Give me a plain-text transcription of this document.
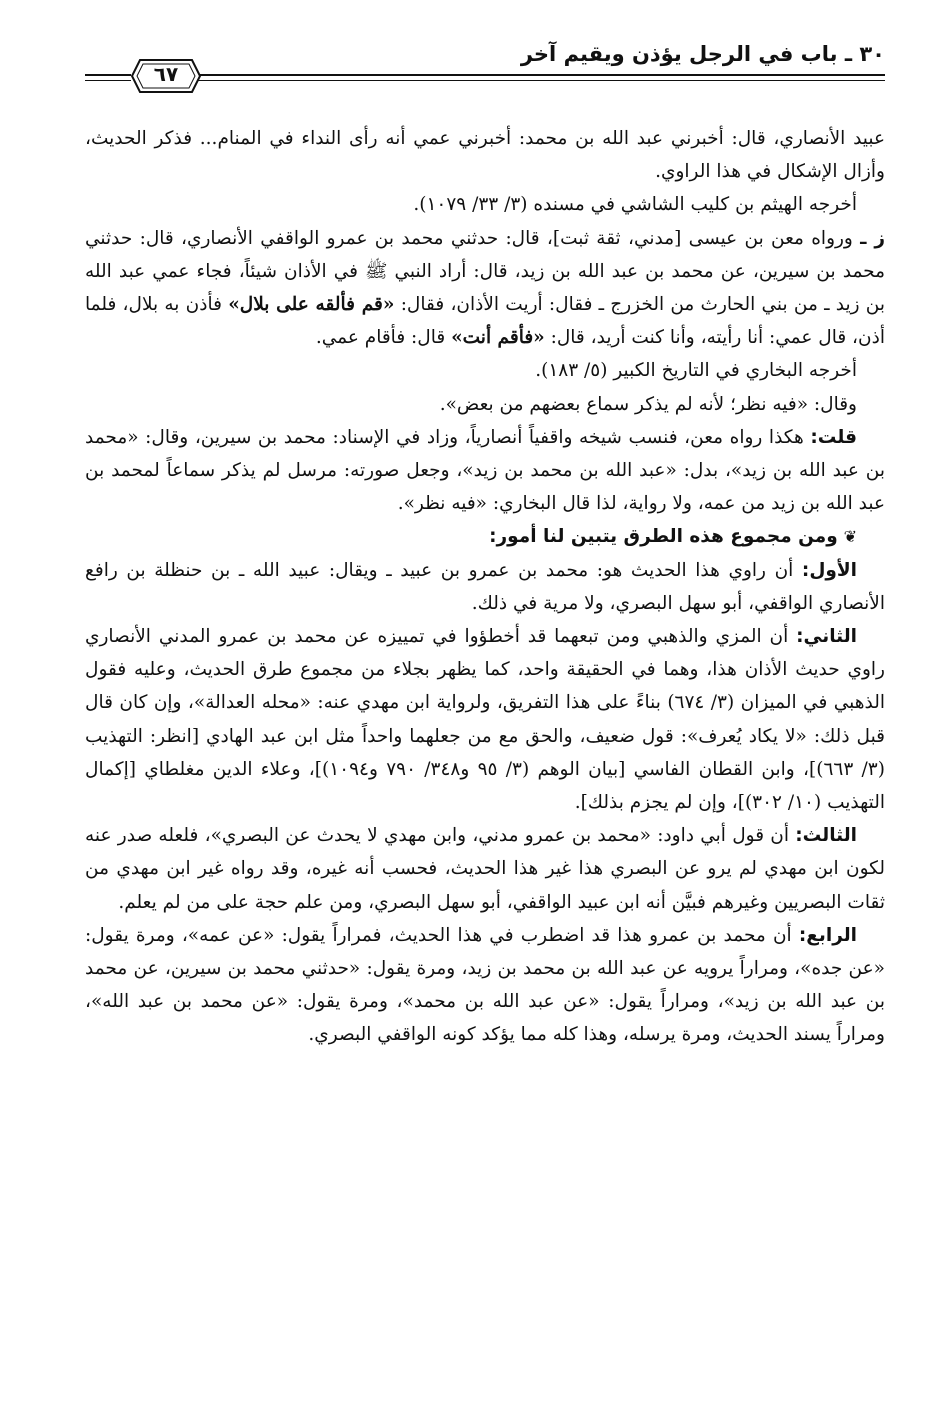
٣٠ ـ باب في الرجل يؤذن ويقيم آخر
٦٧

عبيد الأنصاري، قال: أخبرني عبد الله بن محمد: أخبرني عمي أنه رأى النداء في المنام... فذكر الحديث، وأزال الإشكال في هذا الراوي.

أخرجه الهيثم بن كليب الشاشي في مسنده (٣/ ٣٣/ ١٠٧٩).

ز ـ ورواه معن بن عيسى [مدني، ثقة ثبت]، قال: حدثني محمد بن عمرو الواقفي الأنصاري، قال: حدثني محمد بن سيرين، عن محمد بن عبد الله بن زيد، قال: أراد النبي ﷺ في الأذان شيئاً، فجاء عمي عبد الله بن زيد ـ من بني الحارث من الخزرج ـ فقال: أريت الأذان، فقال: «قم فألقه على بلال» فأذن به بلال، فلما أذن، قال عمي: أنا رأيته، وأنا كنت أريد، قال: «فأقم أنت» قال: فأقام عمي.

أخرجه البخاري في التاريخ الكبير (٥/ ١٨٣).

وقال: «فيه نظر؛ لأنه لم يذكر سماع بعضهم من بعض».

قلت: هكذا رواه معن، فنسب شيخه واقفياً أنصارياً، وزاد في الإسناد: محمد بن سيرين، وقال: «محمد بن عبد الله بن زيد»، بدل: «عبد الله بن محمد بن زيد»، وجعل صورته: مرسل لم يذكر سماعاً لمحمد بن عبد الله بن زيد من عمه، ولا رواية، لذا قال البخاري: «فيه نظر».

❦ ومن مجموع هذه الطرق يتبين لنا أمور:

الأول: أن راوي هذا الحديث هو: محمد بن عمرو بن عبيد ـ ويقال: عبيد الله ـ بن حنظلة بن رافع الأنصاري الواقفي، أبو سهل البصري، ولا مرية في ذلك.

الثاني: أن المزي والذهبي ومن تبعهما قد أخطؤوا في تمييزه عن محمد بن عمرو المدني الأنصاري راوي حديث الأذان هذا، وهما في الحقيقة واحد، كما يظهر بجلاء من مجموع طرق الحديث، وعليه فقول الذهبي في الميزان (٣/ ٦٧٤) بناءً على هذا التفريق، ولرواية ابن مهدي عنه: «محله العدالة»، وإن كان قال قبل ذلك: «لا يكاد يُعرف»: قول ضعيف، والحق مع من جعلهما واحداً مثل ابن عبد الهادي [انظر: التهذيب (٣/ ٦٦٣)]، وابن القطان الفاسي [بيان الوهم (٣/ ٩٥ و٣٤٨/ ٧٩٠ و١٠٩٤)]، وعلاء الدين مغلطاي [إكمال التهذيب (١٠/ ٣٠٢)]، وإن لم يجزم بذلك].

الثالث: أن قول أبي داود: «محمد بن عمرو مدني، وابن مهدي لا يحدث عن البصري»، فلعله صدر عنه لكون ابن مهدي لم يرو عن البصري هذا غير هذا الحديث، فحسب أنه غيره، وقد رواه غير ابن مهدي من ثقات البصريين وغيرهم فبيَّن أنه ابن عبيد الواقفي، أبو سهل البصري، ومن علم حجة على من لم يعلم.

الرابع: أن محمد بن عمرو هذا قد اضطرب في هذا الحديث، فمراراً يقول: «عن عمه»، ومرة يقول: «عن جده»، ومراراً يرويه عن عبد الله بن محمد بن زيد، ومرة يقول: «حدثني محمد بن سيرين، عن محمد بن عبد الله بن زيد»، ومراراً يقول: «عن عبد الله بن محمد»، ومرة يقول: «عن محمد بن عبد الله»، ومراراً يسند الحديث، ومرة يرسله، وهذا كله مما يؤكد كونه الواقفي البصري.
